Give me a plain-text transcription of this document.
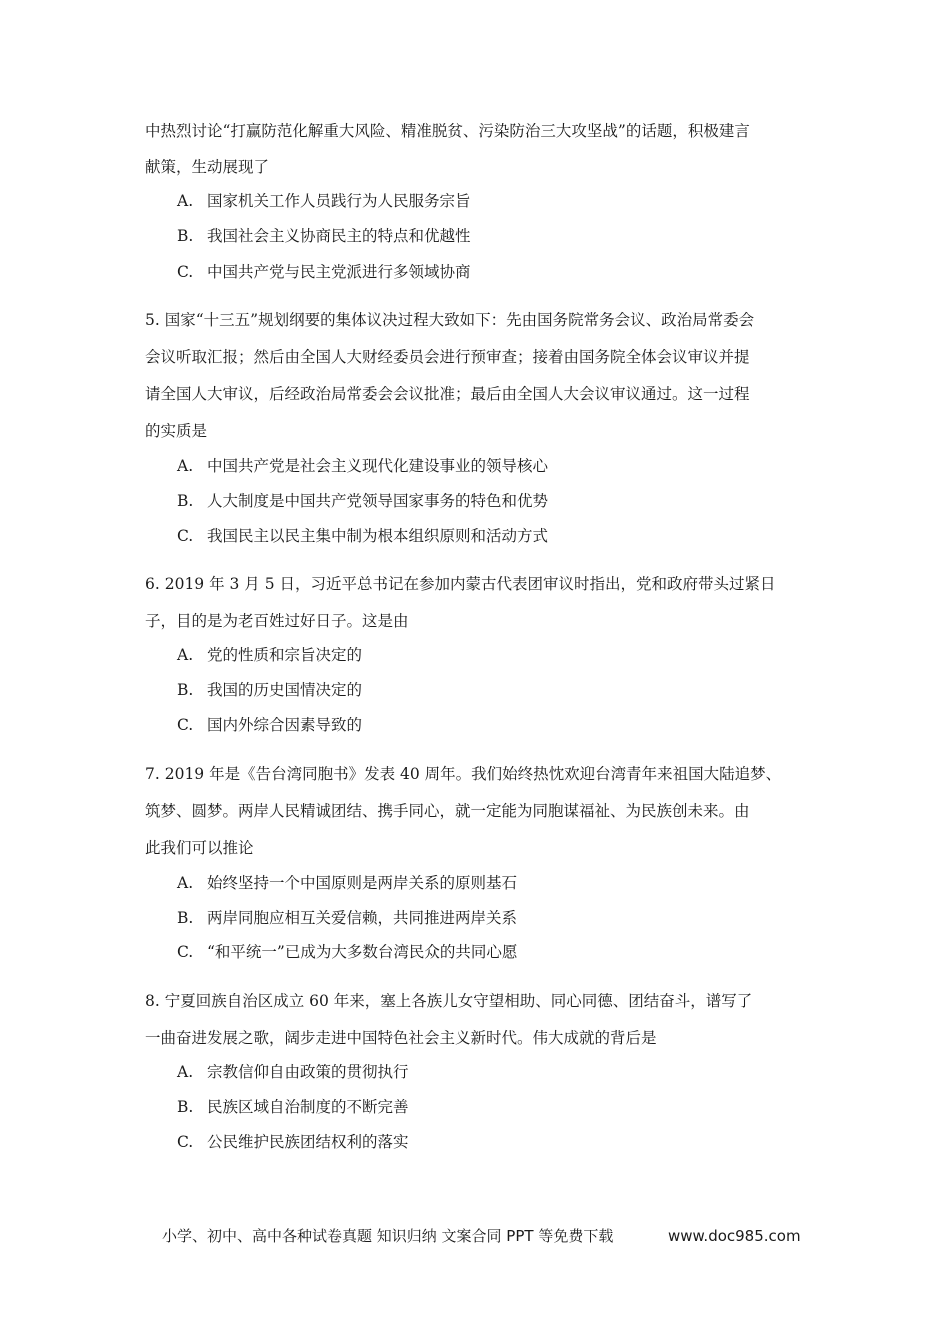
中热烈讨论“打赢防范化解重大风险、精准脱贫、污染防治三大攻坚战”的话题，积极建言
献策，生动展现了
A. 国家机关工作人员践行为人民服务宗旨
B. 我国社会主义协商民主的特点和优越性
C. 中国共产党与民主党派进行多领域协商
5. 国家“十三五”规划纲要的集体议决过程大致如下：先由国务院常务会议、政治局常委会
会议听取汇报；然后由全国人大财经委员会进行预审查；接着由国务院全体会议审议并提
请全国人大审议，后经政治局常委会会议批准；最后由全国人大会议审议通过。这一过程
的实质是
A. 中国共产党是社会主义现代化建设事业的领导核心
B. 人大制度是中国共产党领导国家事务的特色和优势
C. 我国民主以民主集中制为根本组织原则和活动方式
6. 2019 年 3 月 5 日，习近平总书记在参加内蒙古代表团审议时指出，党和政府带头过紧日
子，目的是为老百姓过好日子。这是由
A. 党的性质和宗旨决定的
B. 我国的历史国情决定的
C. 国内外综合因素导致的
7. 2019 年是《告台湾同胞书》发表 40 周年。我们始终热忱欢迎台湾青年来祖国大陆追梦、
筑梦、圆梦。两岸人民精诚团结、携手同心，就一定能为同胞谋福祉、为民族创未来。由
此我们可以推论
A. 始终坚持一个中国原则是两岸关系的原则基石
B. 两岸同胞应相互关爱信赖，共同推进两岸关系
C. “和平统一”已成为大多数台湾民众的共同心愿
8. 宁夏回族自治区成立 60 年来，塞上各族儿女守望相助、同心同德、团结奋斗，谱写了
一曲奋进发展之歌，阔步走进中国特色社会主义新时代。伟大成就的背后是
A. 宗教信仰自由政策的贯彻执行
B. 民族区域自治制度的不断完善
C. 公民维护民族团结权利的落实
小学、初中、高中各种试卷真题 知识归纳 文案合同 PPT 等免费下载	www.doc985.com
